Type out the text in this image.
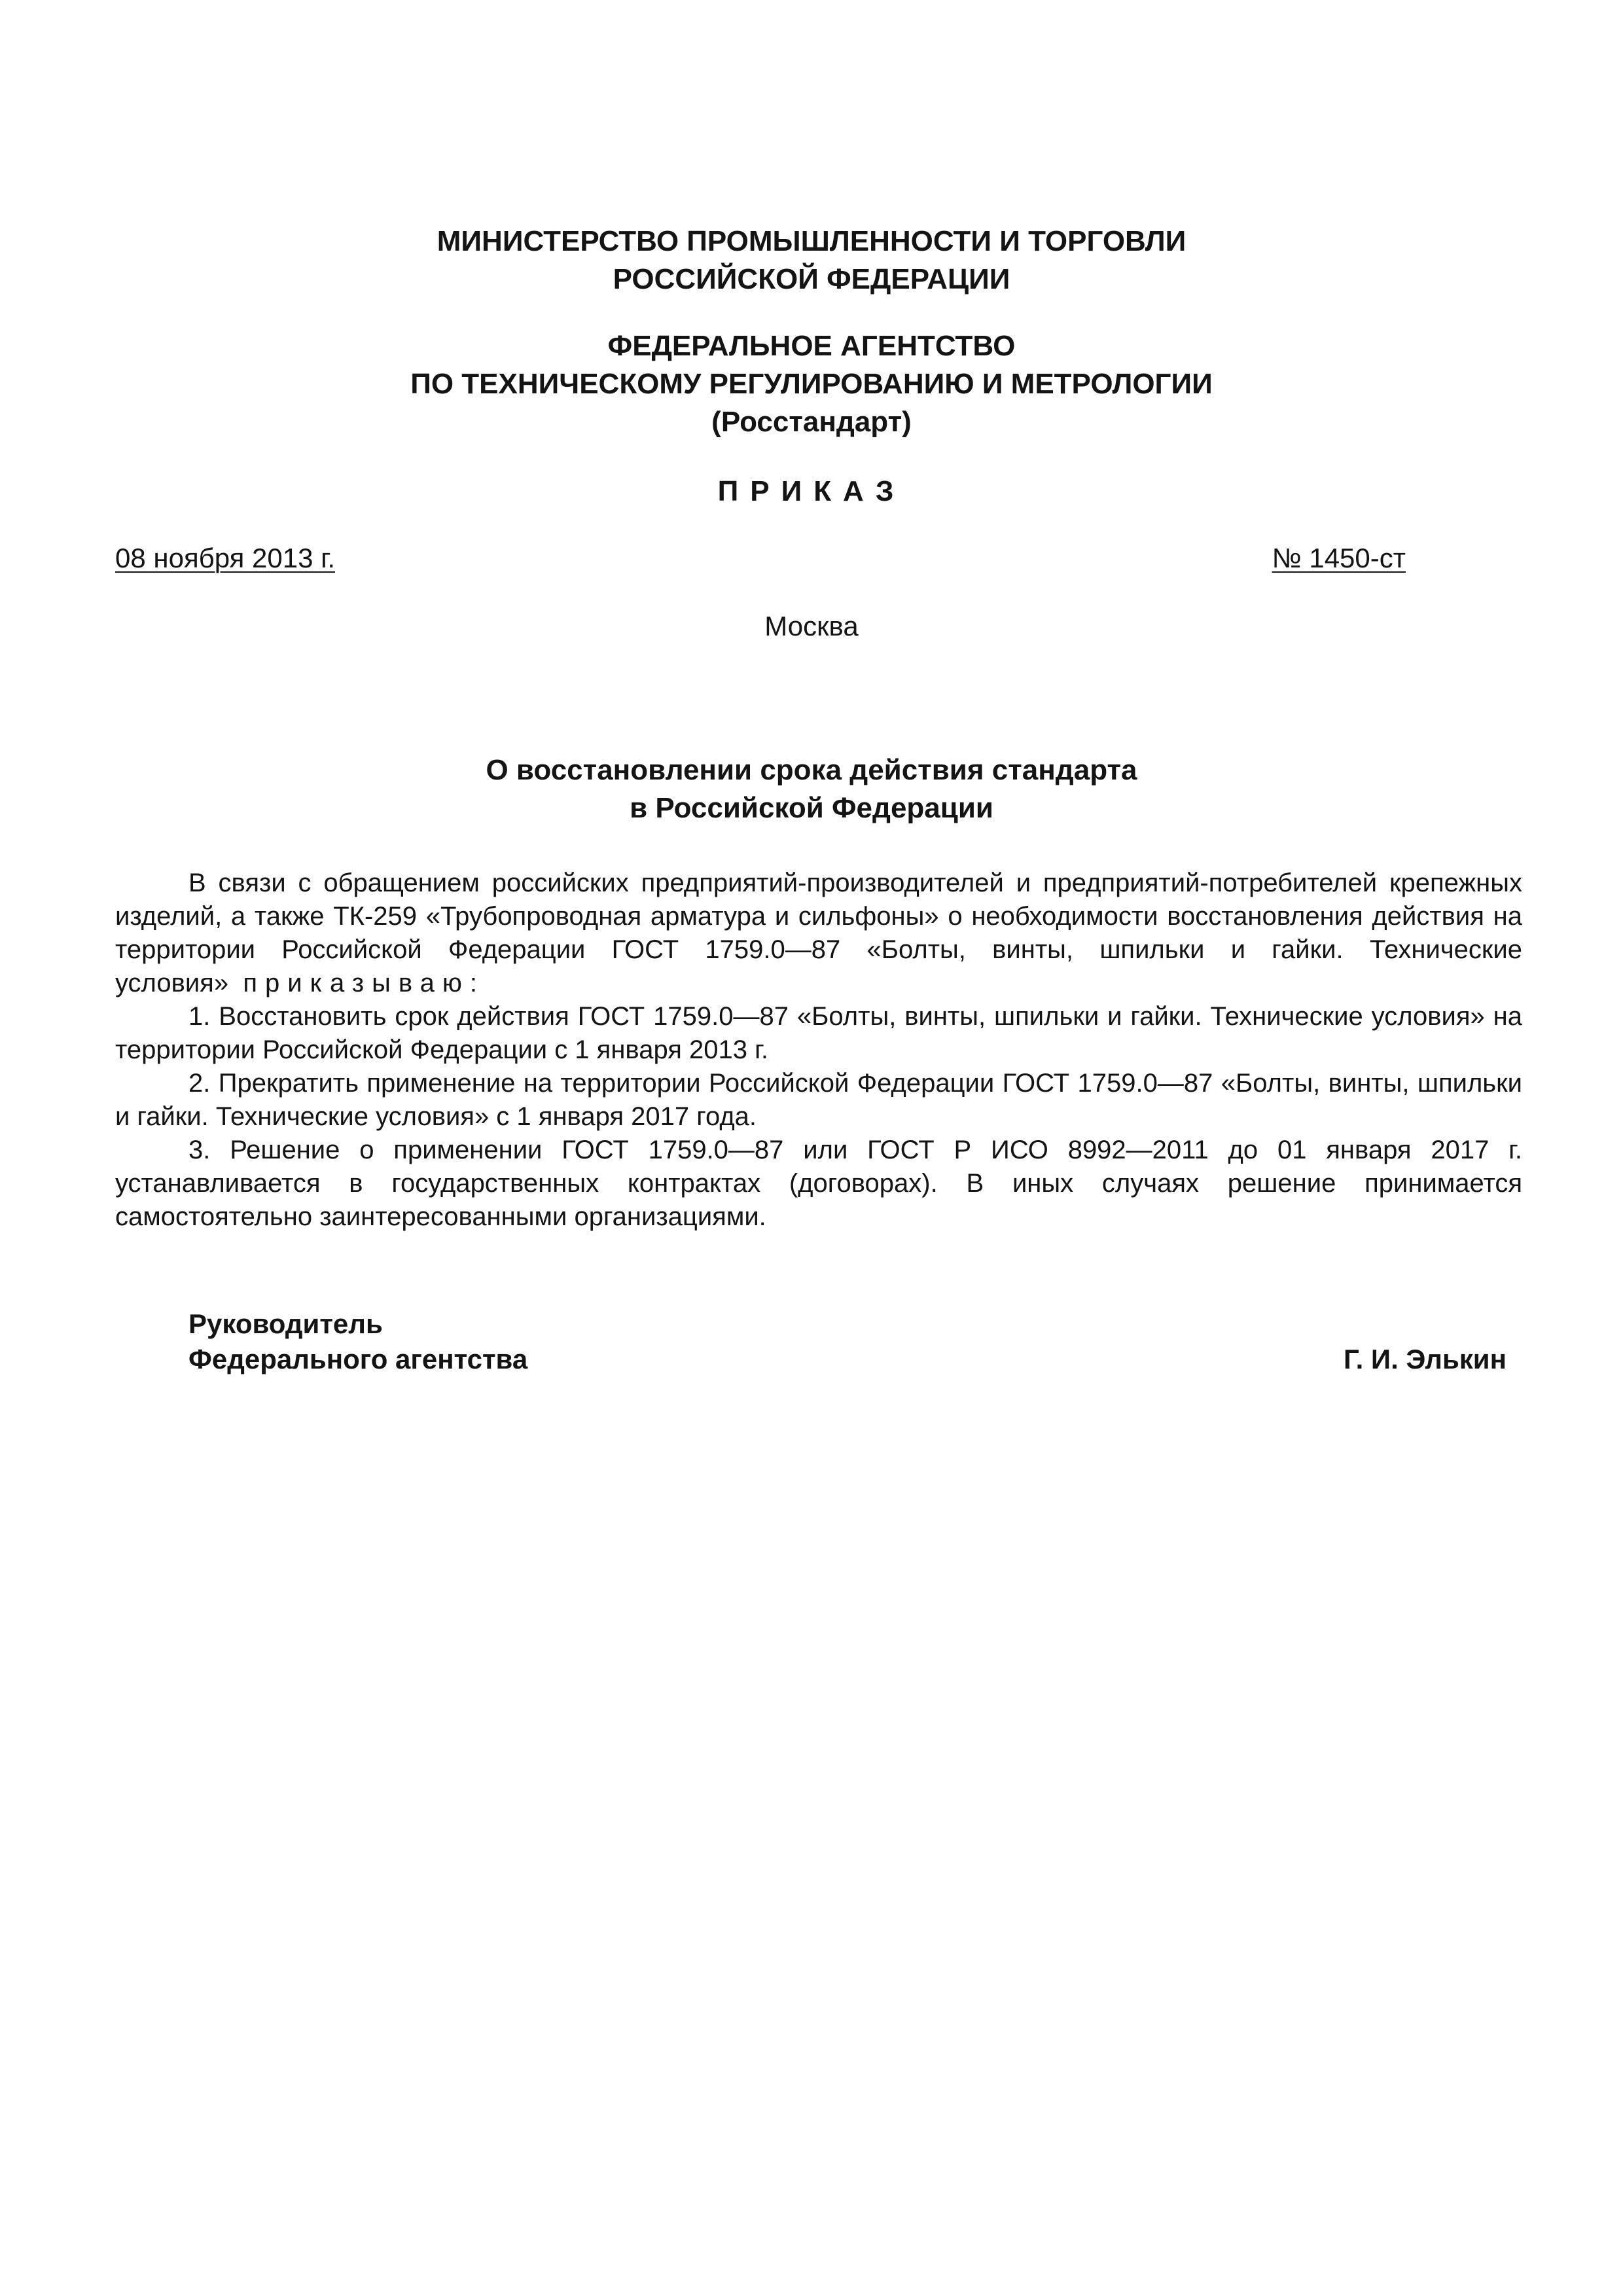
МИНИСТЕРСТВО ПРОМЫШЛЕННОСТИ И ТОРГОВЛИ
РОССИЙСКОЙ ФЕДЕРАЦИИ
ФЕДЕРАЛЬНОЕ АГЕНТСТВО
ПО ТЕХНИЧЕСКОМУ РЕГУЛИРОВАНИЮ И МЕТРОЛОГИИ
(Росстандарт)
ПРИКАЗ
08 ноября 2013 г.	№ 1450-ст
Москва
О восстановлении срока действия стандарта
в Российской Федерации

В связи с обращением российских предприятий-производителей и предприятий-потребителей крепежных изделий, а также ТК-259 «Трубопроводная арматура и сильфоны» о необходимости восстановления действия на территории Российской Федерации ГОСТ 1759.0—87 «Болты, винты, шпильки и гайки. Технические условия» приказываю:

1. Восстановить срок действия ГОСТ 1759.0—87 «Болты, винты, шпильки и гайки. Технические условия» на территории Российской Федерации с 1 января 2013 г.

2. Прекратить применение на территории Российской Федерации ГОСТ 1759.0—87 «Болты, винты, шпильки и гайки. Технические условия» с 1 января 2017 года.

3. Решение о применении ГОСТ 1759.0—87 или ГОСТ Р ИСО 8992—2011 до 01 января 2017 г. устанавливается в государственных контрактах (договорах). В иных случаях решение принимается самостоятельно заинтересованными организациями.

Руководитель
Федерального агентства	Г. И. Элькин
